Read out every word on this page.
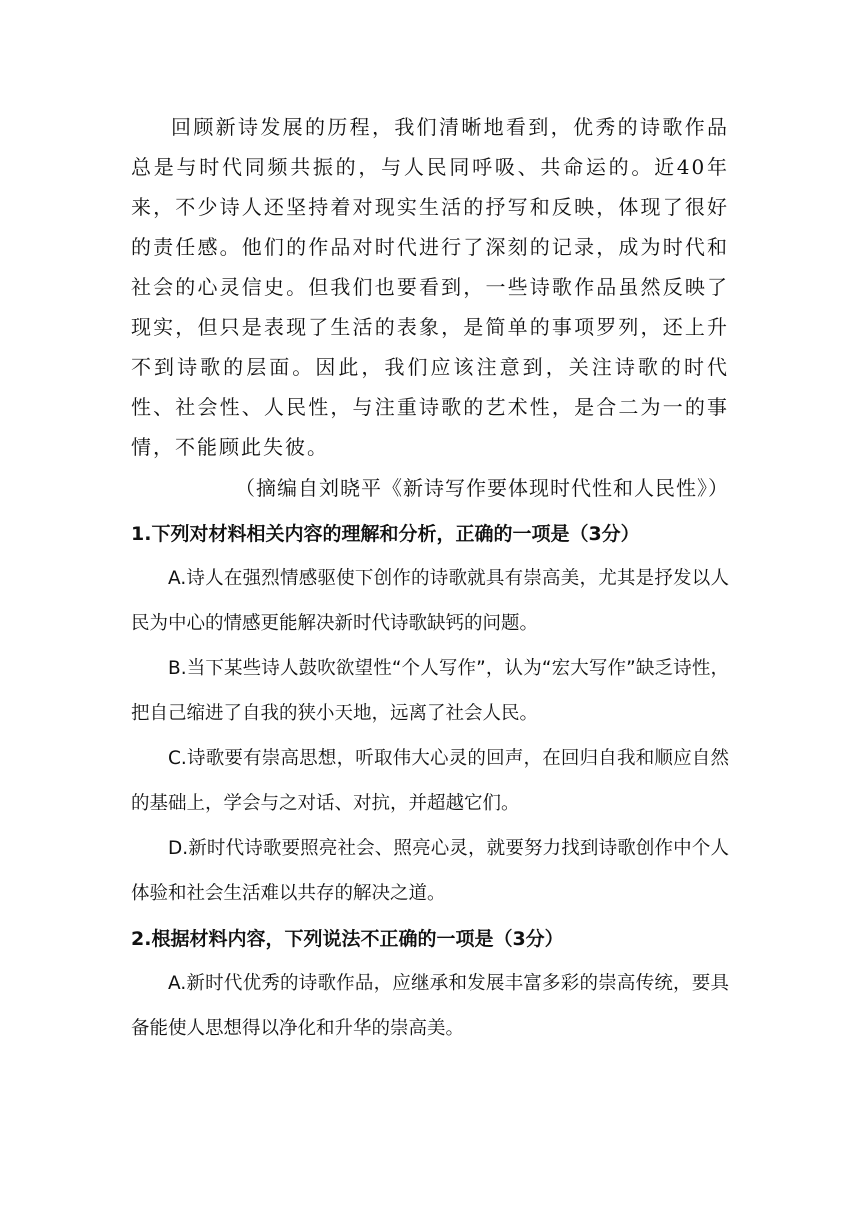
回顾新诗发展的历程，我们清晰地看到，优秀的诗歌作品总是与时代同频共振的，与人民同呼吸、共命运的。近40年来，不少诗人还坚持着对现实生活的抒写和反映，体现了很好的责任感。他们的作品对时代进行了深刻的记录，成为时代和社会的心灵信史。但我们也要看到，一些诗歌作品虽然反映了现实，但只是表现了生活的表象，是简单的事项罗列，还上升不到诗歌的层面。因此，我们应该注意到，关注诗歌的时代性、社会性、人民性，与注重诗歌的艺术性，是合二为一的事情，不能顾此失彼。

（摘编自刘晓平《新诗写作要体现时代性和人民性》）

1.下列对材料相关内容的理解和分析，正确的一项是（3分）

A.诗人在强烈情感驱使下创作的诗歌就具有崇高美，尤其是抒发以人民为中心的情感更能解决新时代诗歌缺钙的问题。

B.当下某些诗人鼓吹欲望性“个人写作”，认为“宏大写作”缺乏诗性，把自己缩进了自我的狭小天地，远离了社会人民。

C.诗歌要有崇高思想，听取伟大心灵的回声，在回归自我和顺应自然的基础上，学会与之对话、对抗，并超越它们。

D.新时代诗歌要照亮社会、照亮心灵，就要努力找到诗歌创作中个人体验和社会生活难以共存的解决之道。

2.根据材料内容，下列说法不正确的一项是（3分）

A.新时代优秀的诗歌作品，应继承和发展丰富多彩的崇高传统，要具备能使人思想得以净化和升华的崇高美。
